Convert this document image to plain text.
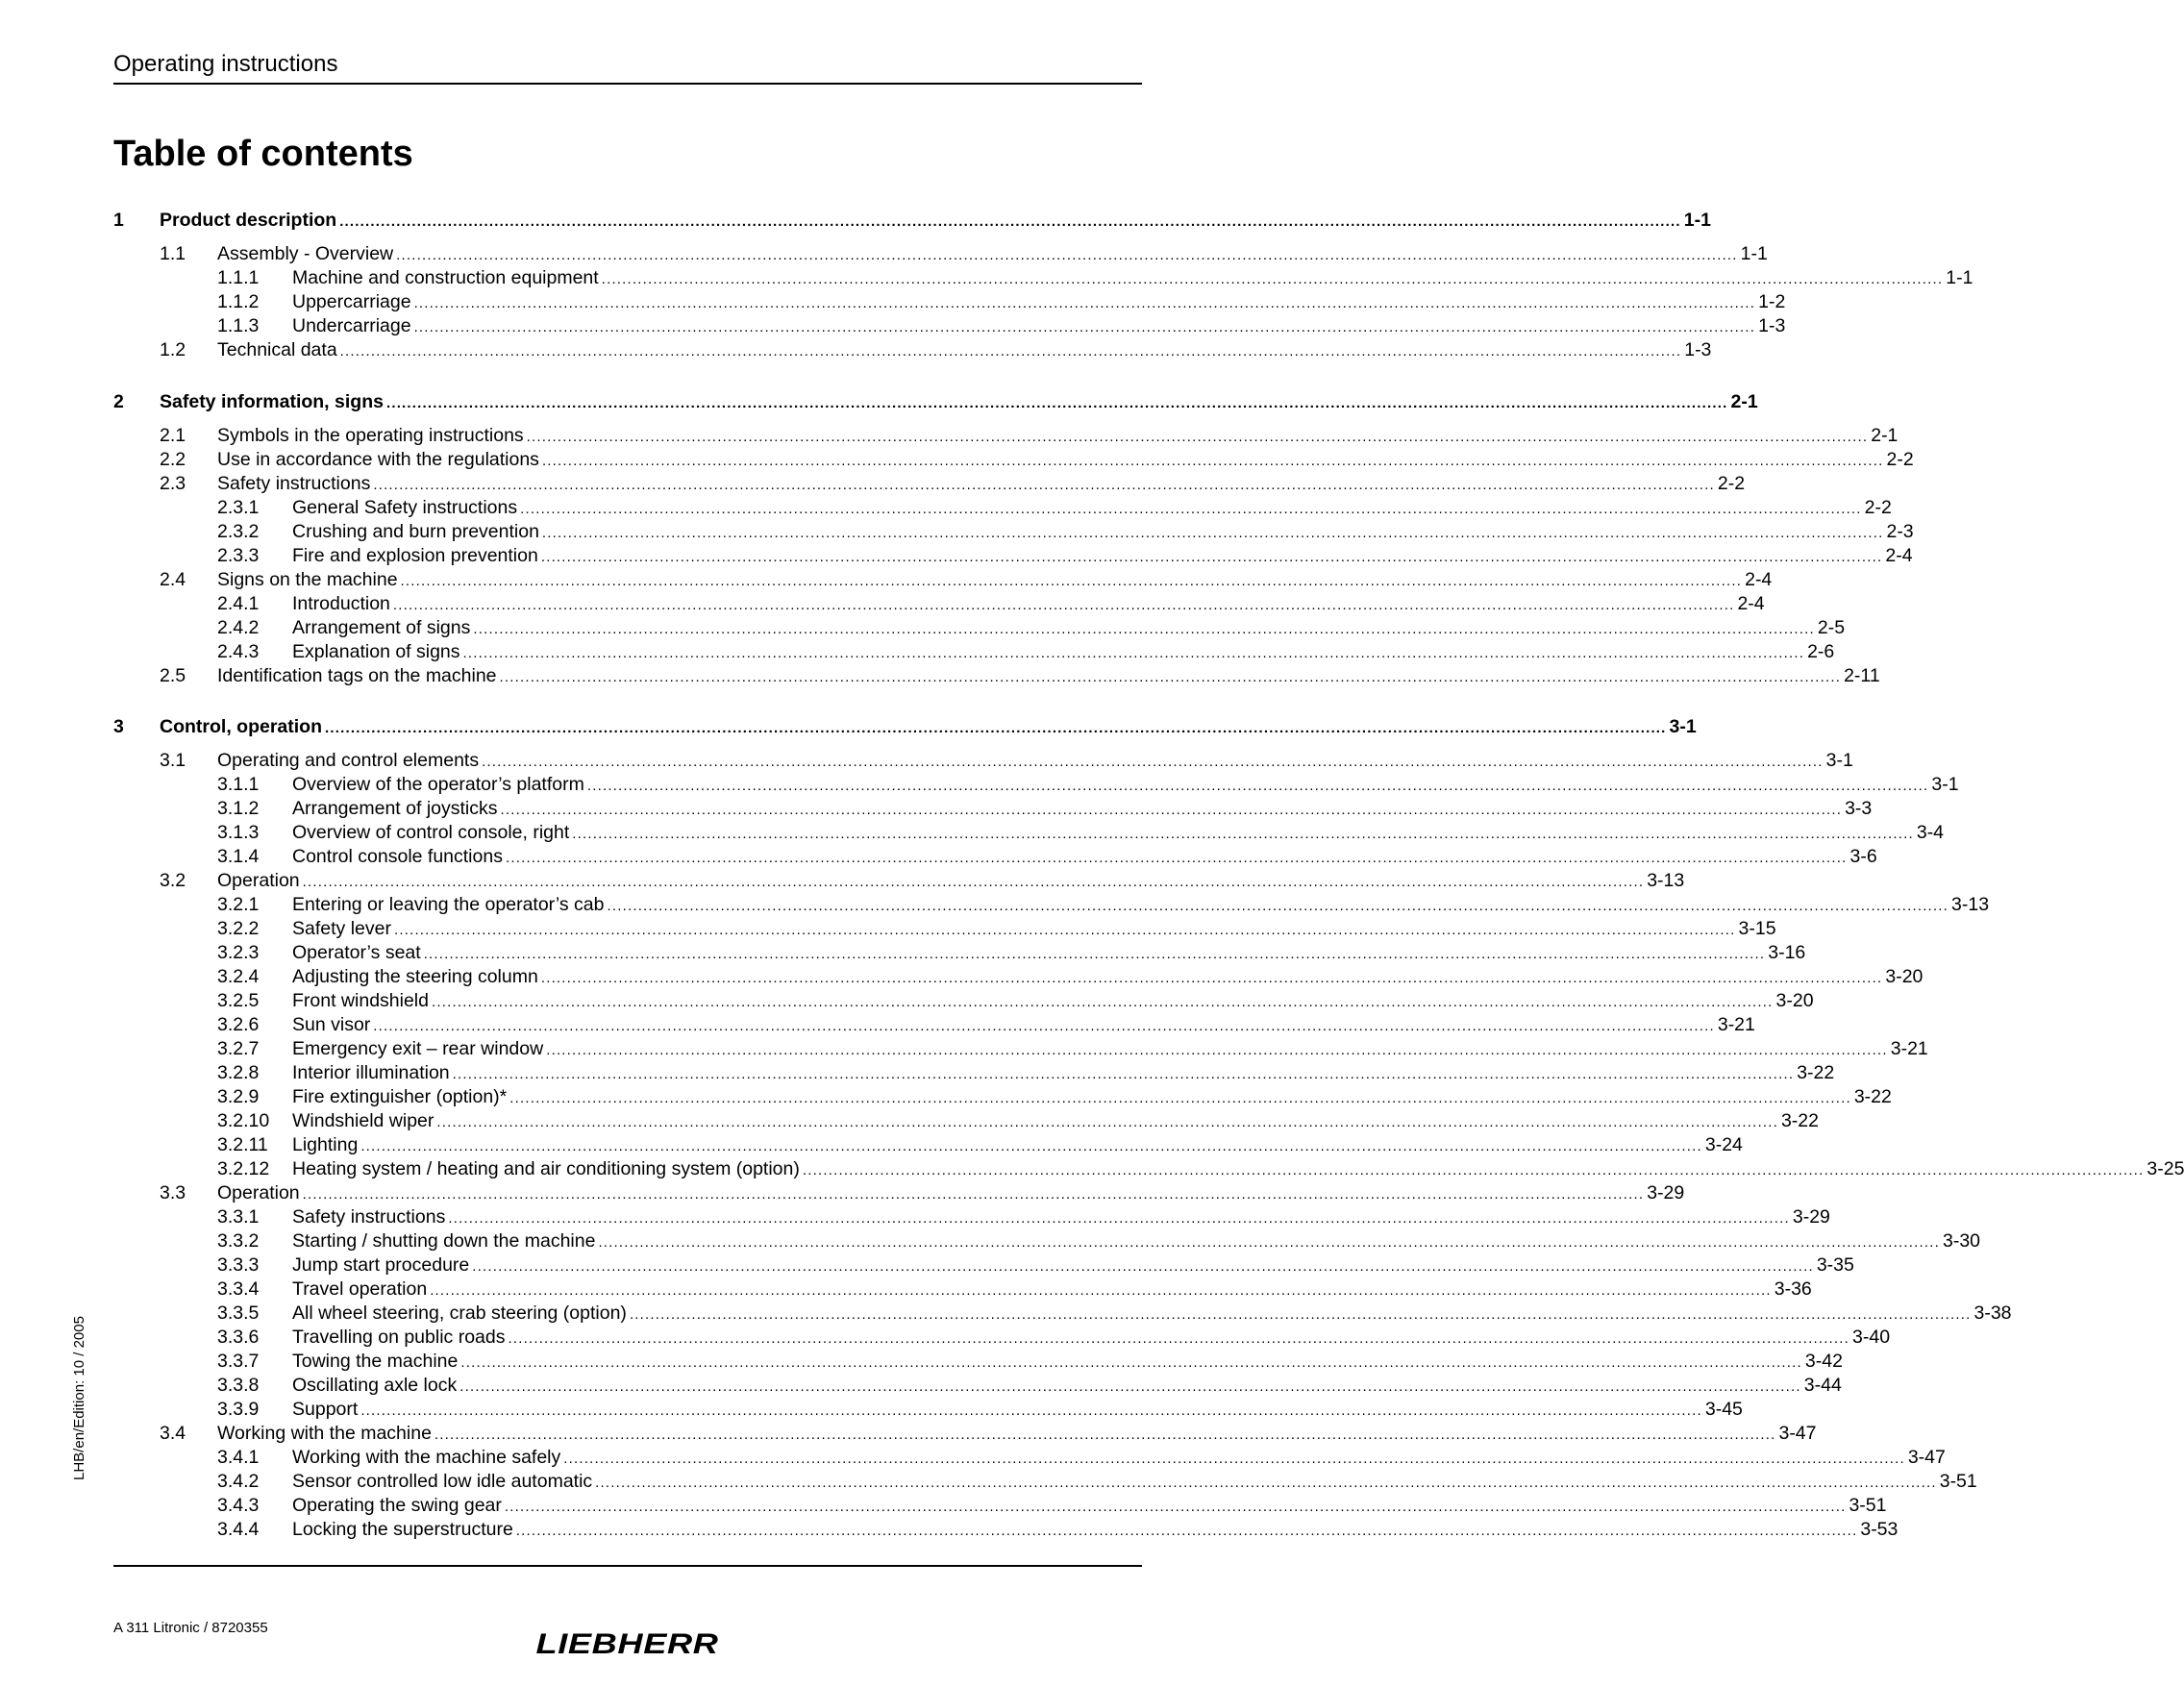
Operating instructions
Table of contents
1 Product description .................................................................................................................................................................................................................................................................... 1-1
1.1 Assembly - Overview .................................................................................................................................................................................................................................................................... 1-1
1.1.1 Machine and construction equipment .................................................................................................................................................................................................................................................................... 1-1
1.1.2 Uppercarriage .................................................................................................................................................................................................................................................................... 1-2
1.1.3 Undercarriage .................................................................................................................................................................................................................................................................... 1-3
1.2 Technical data .................................................................................................................................................................................................................................................................... 1-3
2 Safety information, signs .................................................................................................................................................................................................................................................................... 2-1
2.1 Symbols in the operating instructions .................................................................................................................................................................................................................................................................... 2-1
2.2 Use in accordance with the regulations .................................................................................................................................................................................................................................................................... 2-2
2.3 Safety instructions .................................................................................................................................................................................................................................................................... 2-2
2.3.1 General Safety instructions .................................................................................................................................................................................................................................................................... 2-2
2.3.2 Crushing and burn prevention .................................................................................................................................................................................................................................................................... 2-3
2.3.3 Fire and explosion prevention .................................................................................................................................................................................................................................................................... 2-4
2.4 Signs on the machine .................................................................................................................................................................................................................................................................... 2-4
2.4.1 Introduction .................................................................................................................................................................................................................................................................... 2-4
2.4.2 Arrangement of signs .................................................................................................................................................................................................................................................................... 2-5
2.4.3 Explanation of signs .................................................................................................................................................................................................................................................................... 2-6
2.5 Identification tags on the machine .................................................................................................................................................................................................................................................................... 2-11
3 Control, operation .................................................................................................................................................................................................................................................................... 3-1
3.1 Operating and control elements .................................................................................................................................................................................................................................................................... 3-1
3.1.1 Overview of the operator’s platform .................................................................................................................................................................................................................................................................... 3-1
3.1.2 Arrangement of joysticks .................................................................................................................................................................................................................................................................... 3-3
3.1.3 Overview of control console, right .................................................................................................................................................................................................................................................................... 3-4
3.1.4 Control console functions .................................................................................................................................................................................................................................................................... 3-6
3.2 Operation .................................................................................................................................................................................................................................................................... 3-13
3.2.1 Entering or leaving the operator’s cab .................................................................................................................................................................................................................................................................... 3-13
3.2.2 Safety lever .................................................................................................................................................................................................................................................................... 3-15
3.2.3 Operator’s seat .................................................................................................................................................................................................................................................................... 3-16
3.2.4 Adjusting the steering column .................................................................................................................................................................................................................................................................... 3-20
3.2.5 Front windshield .................................................................................................................................................................................................................................................................... 3-20
3.2.6 Sun visor .................................................................................................................................................................................................................................................................... 3-21
3.2.7 Emergency exit – rear window .................................................................................................................................................................................................................................................................... 3-21
3.2.8 Interior illumination .................................................................................................................................................................................................................................................................... 3-22
3.2.9 Fire extinguisher (option)* .................................................................................................................................................................................................................................................................... 3-22
3.2.10 Windshield wiper .................................................................................................................................................................................................................................................................... 3-22
3.2.11 Lighting .................................................................................................................................................................................................................................................................... 3-24
3.2.12 Heating system / heating and air conditioning system (option) .................................................................................................................................................................................................................................................................... 3-25
3.3 Operation .................................................................................................................................................................................................................................................................... 3-29
3.3.1 Safety instructions .................................................................................................................................................................................................................................................................... 3-29
3.3.2 Starting / shutting down the machine .................................................................................................................................................................................................................................................................... 3-30
3.3.3 Jump start procedure .................................................................................................................................................................................................................................................................... 3-35
3.3.4 Travel operation .................................................................................................................................................................................................................................................................... 3-36
3.3.5 All wheel steering, crab steering (option) .................................................................................................................................................................................................................................................................... 3-38
3.3.6 Travelling on public roads .................................................................................................................................................................................................................................................................... 3-40
3.3.7 Towing the machine .................................................................................................................................................................................................................................................................... 3-42
3.3.8 Oscillating axle lock .................................................................................................................................................................................................................................................................... 3-44
3.3.9 Support .................................................................................................................................................................................................................................................................... 3-45
3.4 Working with the machine .................................................................................................................................................................................................................................................................... 3-47
3.4.1 Working with the machine safely .................................................................................................................................................................................................................................................................... 3-47
3.4.2 Sensor controlled low idle automatic .................................................................................................................................................................................................................................................................... 3-51
3.4.3 Operating the swing gear .................................................................................................................................................................................................................................................................... 3-51
3.4.4 Locking the superstructure .................................................................................................................................................................................................................................................................... 3-53
A 311 Litronic / 8720355
LIEBHERR
LHB/en/Edition: 10 / 2005
